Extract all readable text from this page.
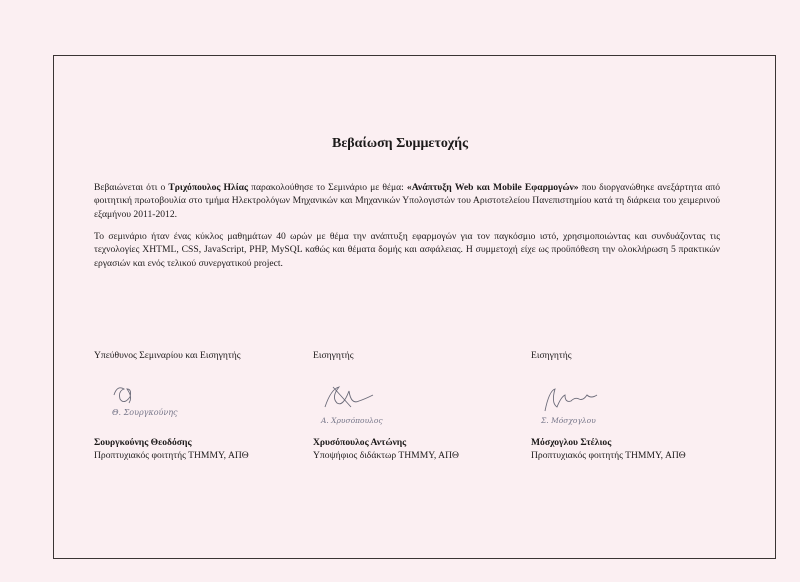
Βεβαίωση Συμμετοχής
Βεβαιώνεται ότι ο Τριχόπουλος Ηλίας παρακολούθησε το Σεμινάριο με θέμα: «Ανάπτυξη Web και Mobile Εφαρμογών» που διοργανώθηκε ανεξάρτητα από φοιτητική πρωτοβουλία στο τμήμα Ηλεκτρολόγων Μηχανικών και Μηχανικών Υπολογιστών του Αριστοτελείου Πανεπιστημίου κατά τη διάρκεια του χειμερινού εξαμήνου 2011-2012.
Το σεμινάριο ήταν ένας κύκλος μαθημάτων 40 ωρών με θέμα την ανάπτυξη εφαρμογών για τον παγκόσμιο ιστό, χρησιμοποιώντας και συνδυάζοντας τις τεχνολογίες XHTML, CSS, JavaScript, PHP, MySQL καθώς και θέματα δομής και ασφάλειας. Η συμμετοχή είχε ως προϋπόθεση την ολοκλήρωση 5 πρακτικών εργασιών και ενός τελικού συνεργατικού project.
Υπεύθυνος Σεμιναρίου και Εισηγητής
Θ. Σουργκούνης
Σουργκούνης Θεοδόσης
Προπτυχιακός φοιτητής ΤΗΜΜΥ, ΑΠΘ
Εισηγητής
Α. Χρυσόπουλος
Χρυσόπουλος Αντώνης
Υποψήφιος διδάκτωρ ΤΗΜΜΥ, ΑΠΘ
Εισηγητής
Σ. Μόσχογλου
Μόσχογλου Στέλιος
Προπτυχιακός φοιτητής ΤΗΜΜΥ, ΑΠΘ
